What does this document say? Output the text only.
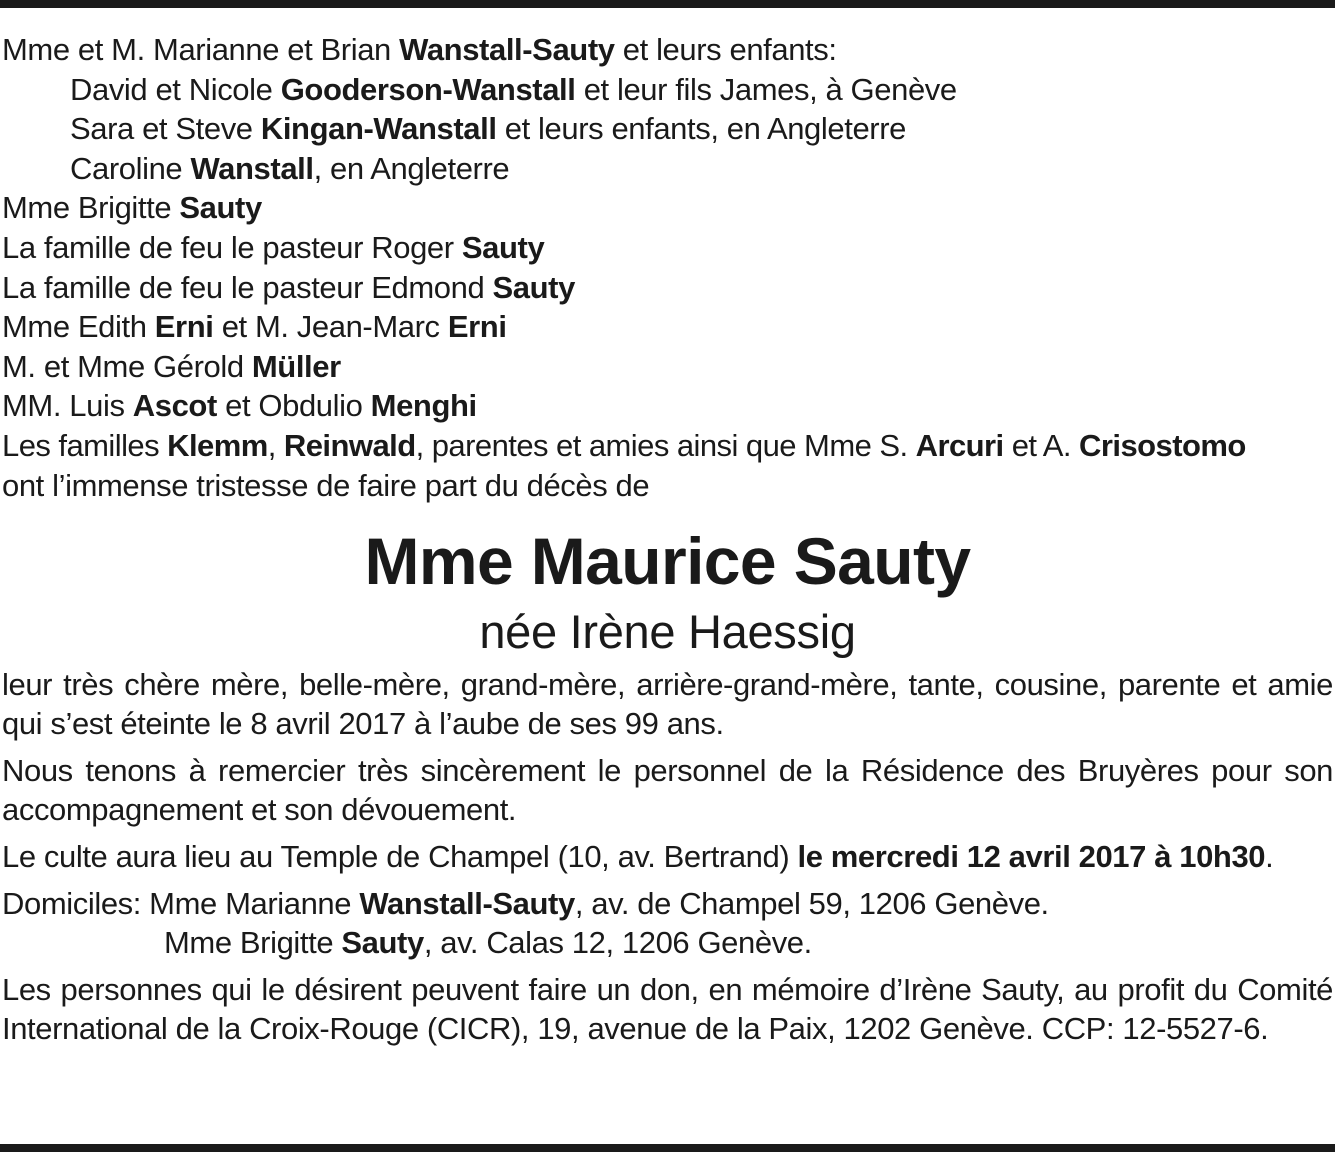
Mme et M. Marianne et Brian Wanstall-Sauty et leurs enfants:
David et Nicole Gooderson-Wanstall et leur fils James, à Genève
Sara et Steve Kingan-Wanstall et leurs enfants, en Angleterre
Caroline Wanstall, en Angleterre
Mme Brigitte Sauty
La famille de feu le pasteur Roger Sauty
La famille de feu le pasteur Edmond Sauty
Mme Edith Erni et M. Jean-Marc Erni
M. et Mme Gérold Müller
MM. Luis Ascot et Obdulio Menghi
Les familles Klemm, Reinwald, parentes et amies ainsi que Mme S. Arcuri et A. Crisostomo
ont l’immense tristesse de faire part du décès de
Mme Maurice Sauty
née Irène Haessig
leur très chère mère, belle-mère, grand-mère, arrière-grand-mère, tante, cousine, parente et amie qui s’est éteinte le 8 avril 2017 à l’aube de ses 99 ans.
Nous tenons à remercier très sincèrement le personnel de la Résidence des Bruyères pour son accompagnement et son dévouement.
Le culte aura lieu au Temple de Champel (10, av. Bertrand) le mercredi 12 avril 2017 à 10h30.
Domiciles: Mme Marianne Wanstall-Sauty, av. de Champel 59, 1206 Genève.
Mme Brigitte Sauty, av. Calas 12, 1206 Genève.
Les personnes qui le désirent peuvent faire un don, en mémoire d’Irène Sauty, au profit du Comité International de la Croix-Rouge (CICR), 19, avenue de la Paix, 1202 Genève. CCP: 12-5527-6.
